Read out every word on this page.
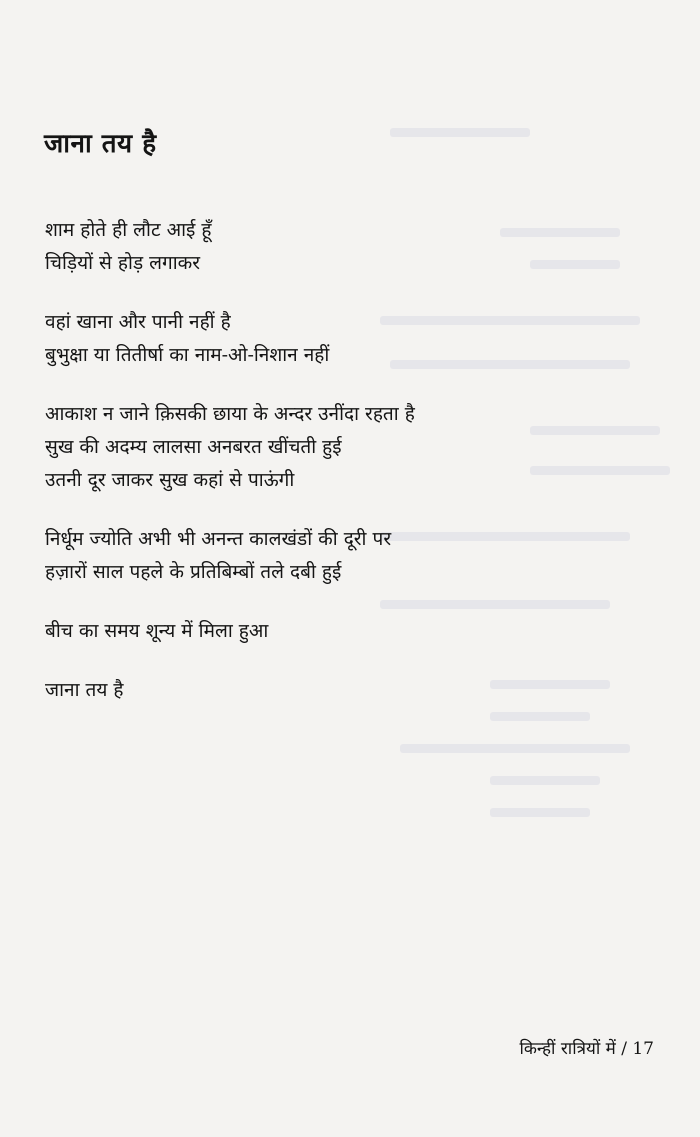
जाना तय है
शाम होते ही लौट आई हूँ
चिड़ियों से होड़ लगाकर
वहां खाना और पानी नहीं है
बुभुक्षा या तितीर्षा का नाम-ओ-निशान नहीं
आकाश न जाने क़िसकी छाया के अन्दर उनींदा रहता है
सुख की अदम्य लालसा अनबरत खींचती हुई
उतनी दूर जाकर सुख कहां से पाऊंगी
निर्धूम ज्योति अभी भी अनन्त कालखंडों की दूरी पर
हज़ारों साल पहले के प्रतिबिम्बों तले दबी हुई
बीच का समय शून्य में मिला हुआ
जाना तय है
किन्हीं रात्रियों में / 17
